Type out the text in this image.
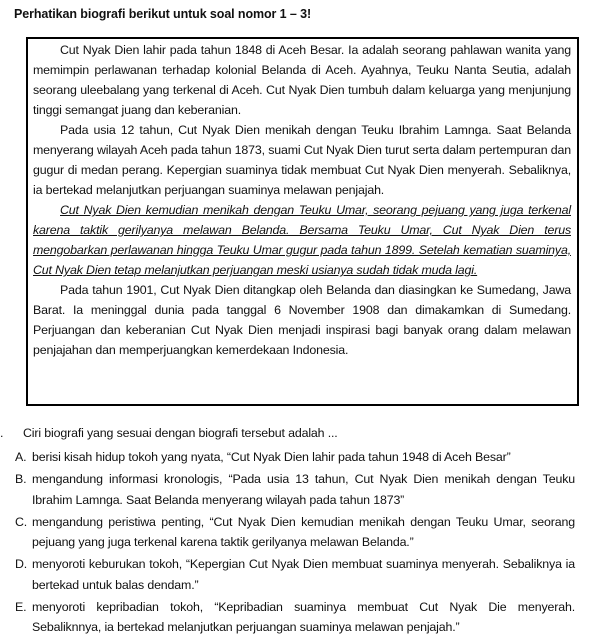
Perhatikan biografi berikut untuk soal nomor 1 – 3!

Cut Nyak Dien lahir pada tahun 1848 di Aceh Besar. Ia adalah seorang pahlawan wanita yang memimpin perlawanan terhadap kolonial Belanda di Aceh. Ayahnya, Teuku Nanta Seutia, adalah seorang uleebalang yang terkenal di Aceh. Cut Nyak Dien tumbuh dalam keluarga yang menjunjung tinggi semangat juang dan keberanian.

Pada usia 12 tahun, Cut Nyak Dien menikah dengan Teuku Ibrahim Lamnga. Saat Belanda menyerang wilayah Aceh pada tahun 1873, suami Cut Nyak Dien turut serta dalam pertempuran dan gugur di medan perang. Kepergian suaminya tidak membuat Cut Nyak Dien menyerah. Sebaliknya, ia bertekad melanjutkan perjuangan suaminya melawan penjajah.

Cut Nyak Dien kemudian menikah dengan Teuku Umar, seorang pejuang yang juga terkenal karena taktik gerilyanya melawan Belanda. Bersama Teuku Umar, Cut Nyak Dien terus mengobarkan perlawanan hingga Teuku Umar gugur pada tahun 1899. Setelah kematian suaminya, Cut Nyak Dien tetap melanjutkan perjuangan meski usianya sudah tidak muda lagi.

Pada tahun 1901, Cut Nyak Dien ditangkap oleh Belanda dan diasingkan ke Sumedang, Jawa Barat. Ia meninggal dunia pada tanggal 6 November 1908 dan dimakamkan di Sumedang. Perjuangan dan keberanian Cut Nyak Dien menjadi inspirasi bagi banyak orang dalam melawan penjajahan dan memperjuangkan kemerdekaan Indonesia.

. Ciri biografi yang sesuai dengan biografi tersebut adalah ...
A. berisi kisah hidup tokoh yang nyata, “Cut Nyak Dien lahir pada tahun 1948 di Aceh Besar”
B. mengandung informasi kronologis, “Pada usia 13 tahun, Cut Nyak Dien menikah dengan Teuku Ibrahim Lamnga. Saat Belanda menyerang wilayah pada tahun 1873”
C. mengandung peristiwa penting, “Cut Nyak Dien kemudian menikah dengan Teuku Umar, seorang pejuang yang juga terkenal karena taktik gerilyanya melawan Belanda.”
D. menyoroti keburukan tokoh, “Kepergian Cut Nyak Dien membuat suaminya menyerah. Sebaliknya ia bertekad untuk balas dendam.”
E. menyoroti kepribadian tokoh, “Kepribadian suaminya membuat Cut Nyak Die menyerah. Sebaliknnya, ia bertekad melanjutkan perjuangan suaminya melawan penjajah.”
